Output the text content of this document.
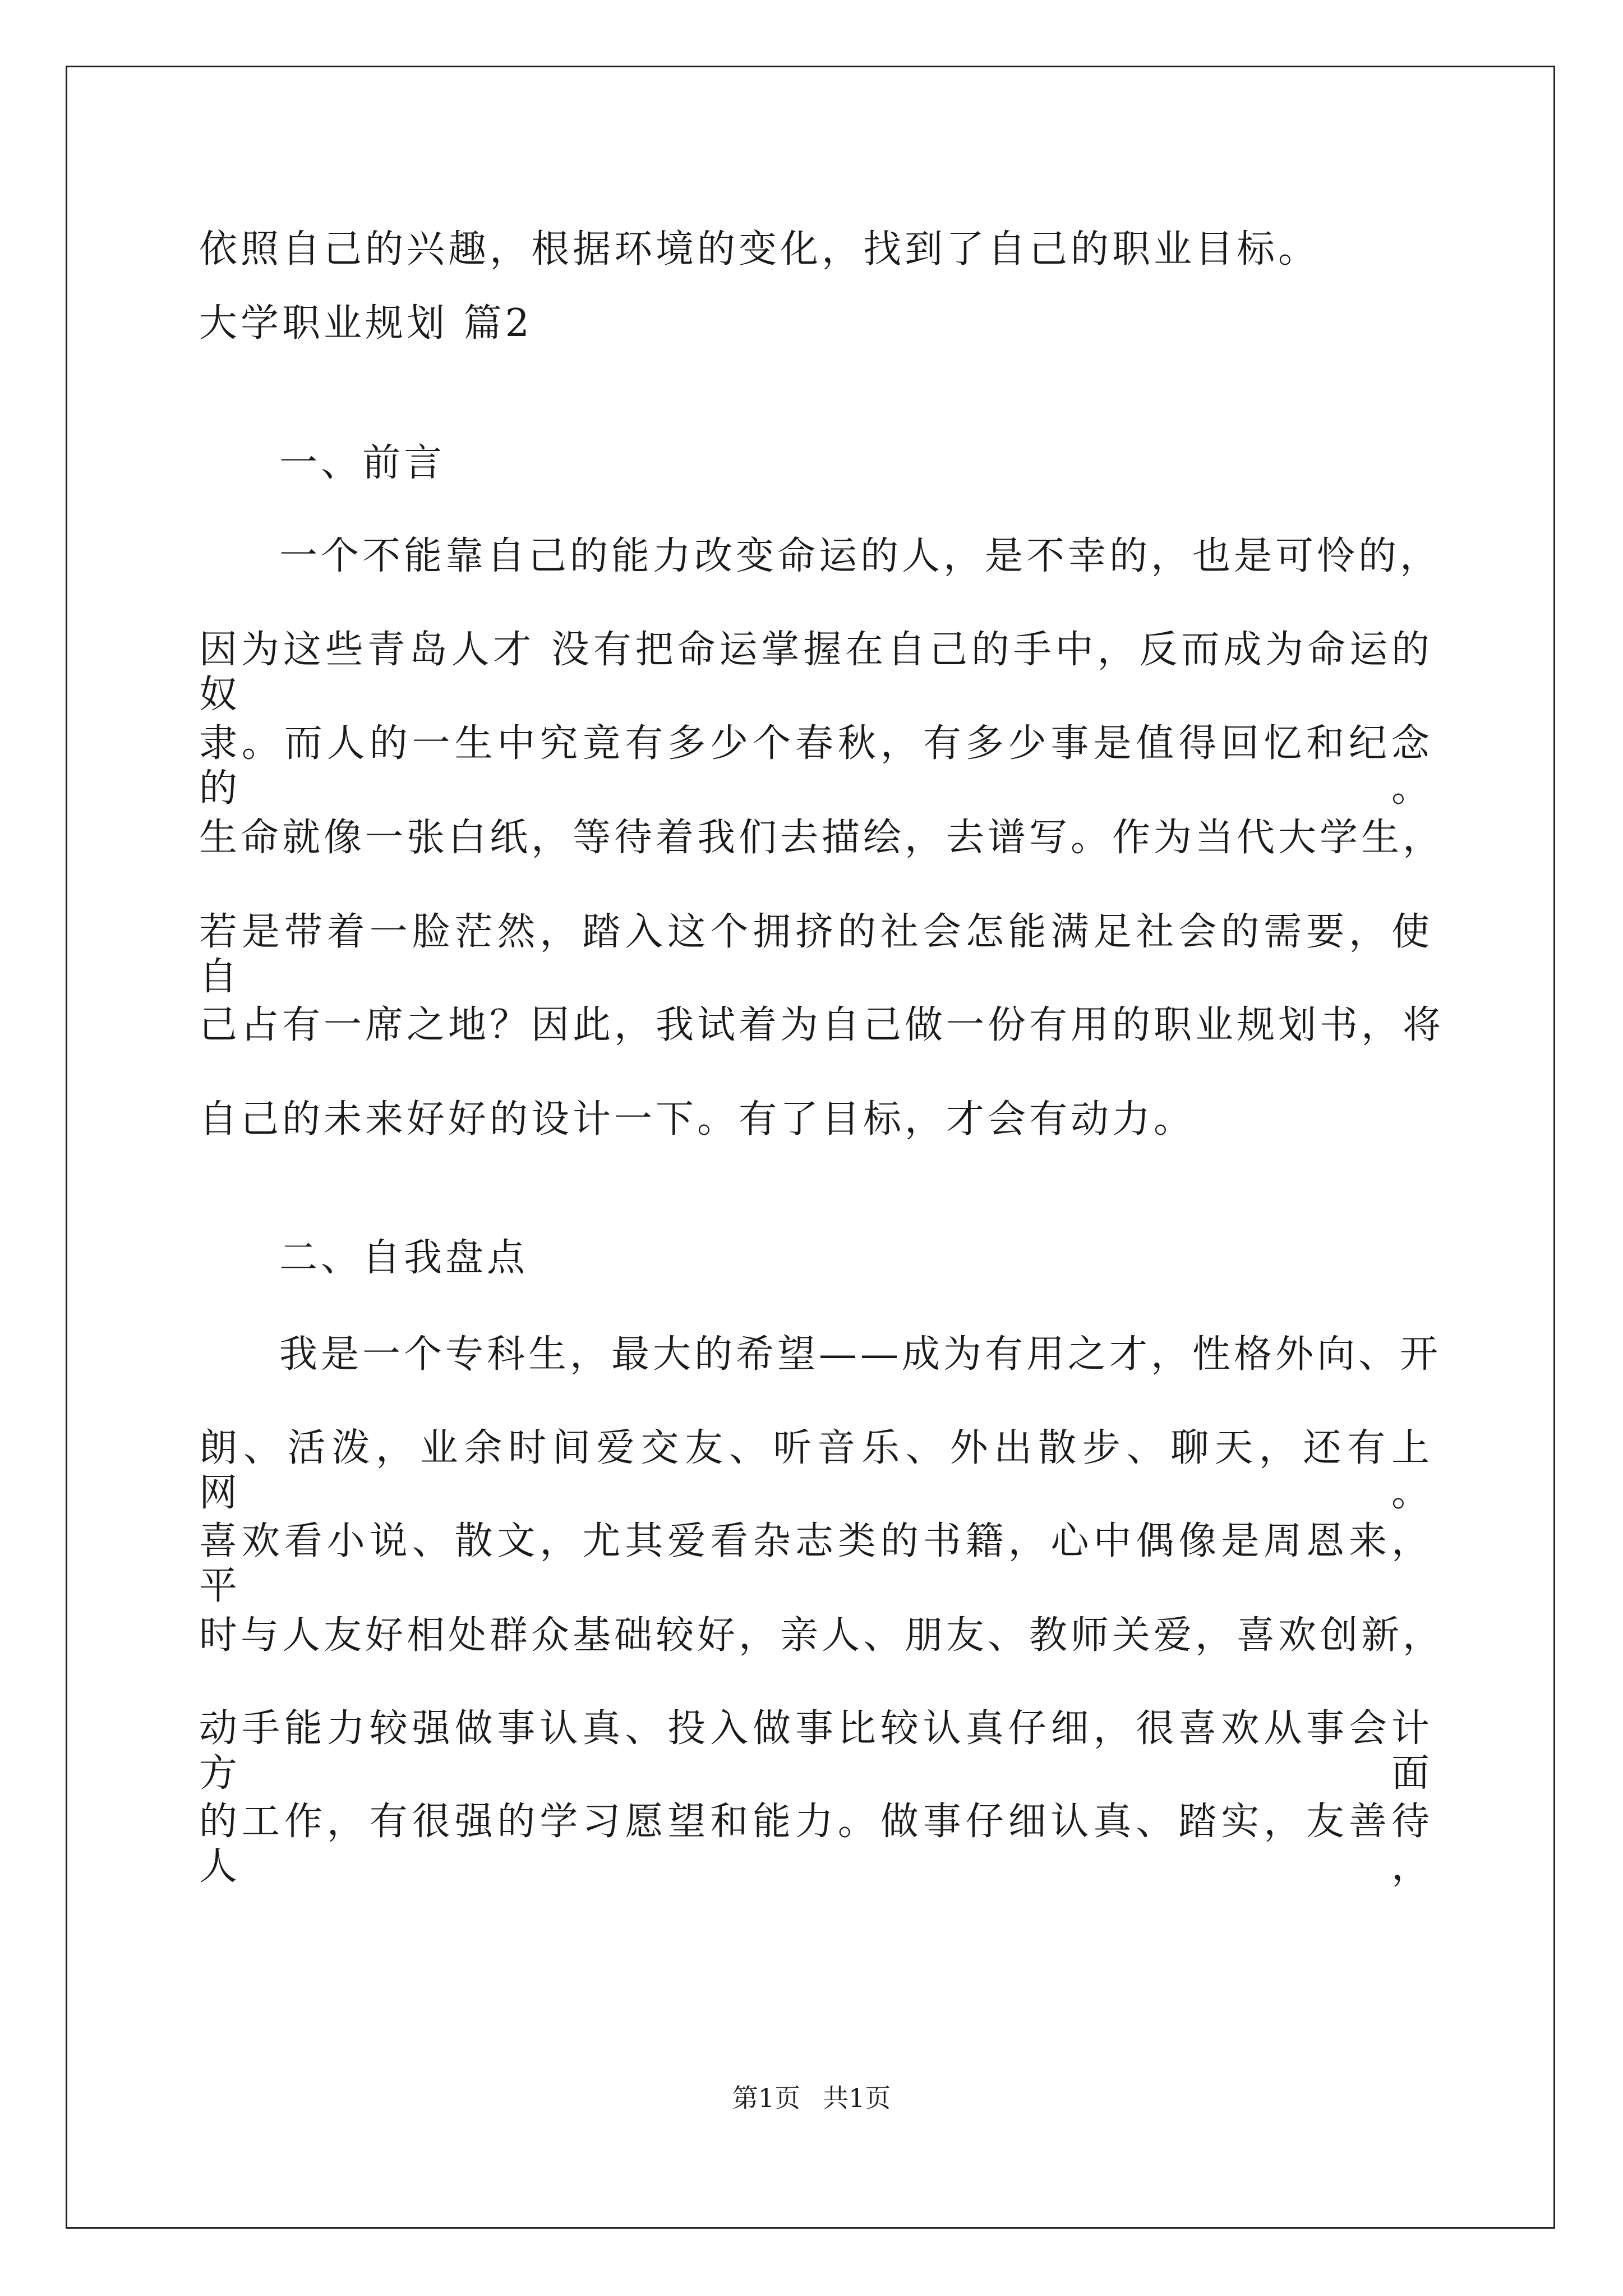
依照自己的兴趣，根据环境的变化，找到了自己的职业目标。
大学职业规划 篇2
一、前言
一个不能靠自己的能力改变命运的人，是不幸的，也是可怜的，
因为这些青岛人才 没有把命运掌握在自己的手中，反而成为命运的奴
隶。而人的一生中究竟有多少个春秋，有多少事是值得回忆和纪念的。
生命就像一张白纸，等待着我们去描绘，去谱写。作为当代大学生，
若是带着一脸茫然，踏入这个拥挤的社会怎能满足社会的需要，使自
己占有一席之地？因此，我试着为自己做一份有用的职业规划书，将
自己的未来好好的设计一下。有了目标，才会有动力。
二、自我盘点
我是一个专科生，最大的希望——成为有用之才，性格外向、开
朗、活泼，业余时间爱交友、听音乐、外出散步、聊天，还有上网。
喜欢看小说、散文，尤其爱看杂志类的书籍，心中偶像是周恩来，平
时与人友好相处群众基础较好，亲人、朋友、教师关爱，喜欢创新，
动手能力较强做事认真、投入做事比较认真仔细，很喜欢从事会计方面
的工作，有很强的学习愿望和能力。做事仔细认真、踏实，友善待人，
第1页 共1页
